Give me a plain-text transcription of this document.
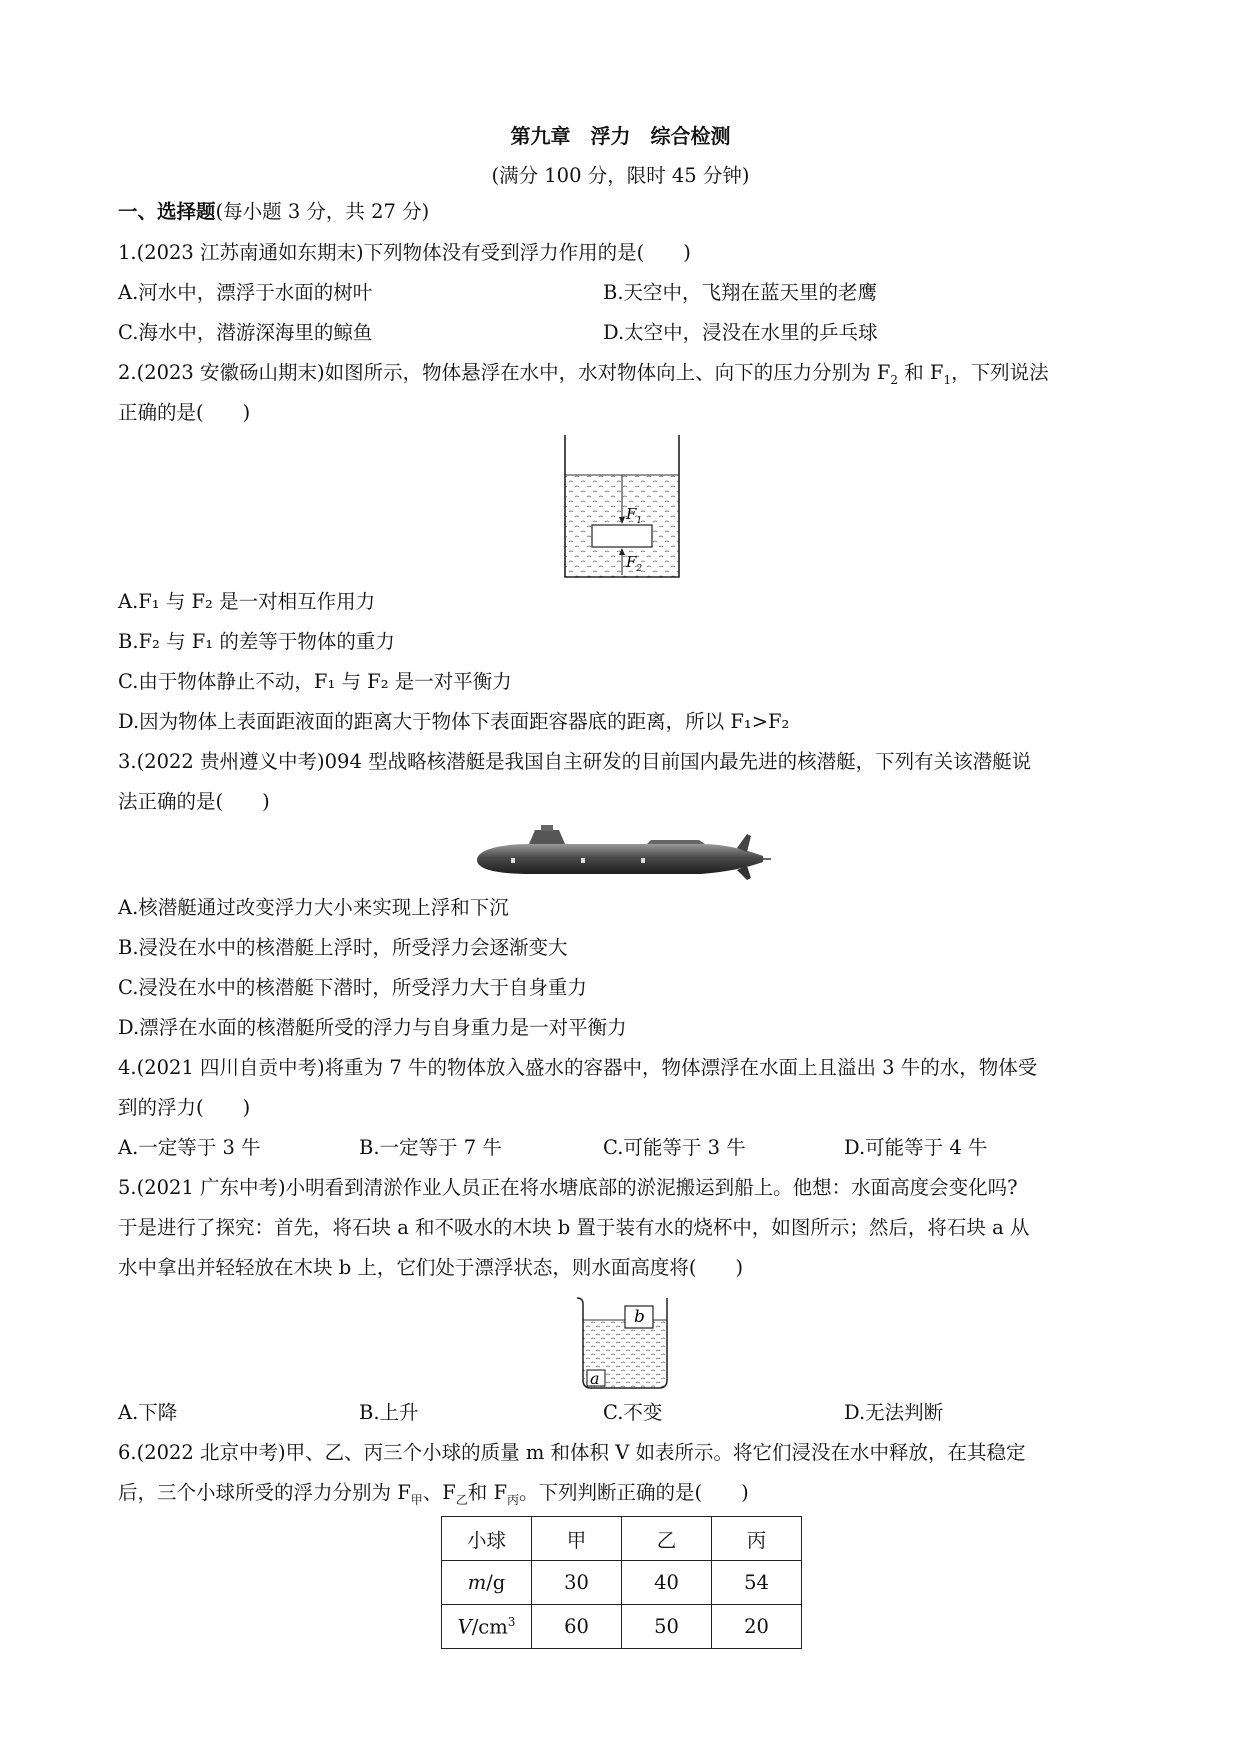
第九章　浮力　综合检测
(满分 100 分，限时 45 分钟)
一、选择题(每小题 3 分，共 27 分)
1.(2023 江苏南通如东期末)下列物体没有受到浮力作用的是(　　)
A.河水中，漂浮于水面的树叶	B.天空中，飞翔在蓝天里的老鹰
C.海水中，潜游深海里的鲸鱼	D.太空中，浸没在水里的乒乓球
2.(2023 安徽砀山期末)如图所示，物体悬浮在水中，水对物体向上、向下的压力分别为 $F_2$ 和 $F_1$，下列说法
正确的是(　　)
$F_1$
$F_2$
A.F₁ 与 F₂ 是一对相互作用力
B.F₂ 与 F₁ 的差等于物体的重力
C.由于物体静止不动，F₁ 与 F₂ 是一对平衡力
D.因为物体上表面距液面的距离大于物体下表面距容器底的距离，所以 F₁>F₂
3.(2022 贵州遵义中考)094 型战略核潜艇是我国自主研发的目前国内最先进的核潜艇，下列有关该潜艇说
法正确的是(　　)
A.核潜艇通过改变浮力大小来实现上浮和下沉
B.浸没在水中的核潜艇上浮时，所受浮力会逐渐变大
C.浸没在水中的核潜艇下潜时，所受浮力大于自身重力
D.漂浮在水面的核潜艇所受的浮力与自身重力是一对平衡力
4.(2021 四川自贡中考)将重为 7 牛的物体放入盛水的容器中，物体漂浮在水面上且溢出 3 牛的水，物体受
到的浮力(　　)
A.一定等于 3 牛	B.一定等于 7 牛	C.可能等于 3 牛	D.可能等于 4 牛
5.(2021 广东中考)小明看到清淤作业人员正在将水塘底部的淤泥搬运到船上。他想：水面高度会变化吗?
于是进行了探究：首先，将石块 a 和不吸水的木块 b 置于装有水的烧杯中，如图所示；然后，将石块 a 从
水中拿出并轻轻放在木块 b 上，它们处于漂浮状态，则水面高度将(　　)
b
a
A.下降	B.上升	C.不变	D.无法判断
6.(2022 北京中考)甲、乙、丙三个小球的质量 m 和体积 V 如表所示。将它们浸没在水中释放，在其稳定
后，三个小球所受的浮力分别为 $F_甲$、$F_乙$和 $F_丙$。下列判断正确的是(　　)
小球	甲	乙	丙
m/g	30	40	54
$V/cm^3$	60	50	20
